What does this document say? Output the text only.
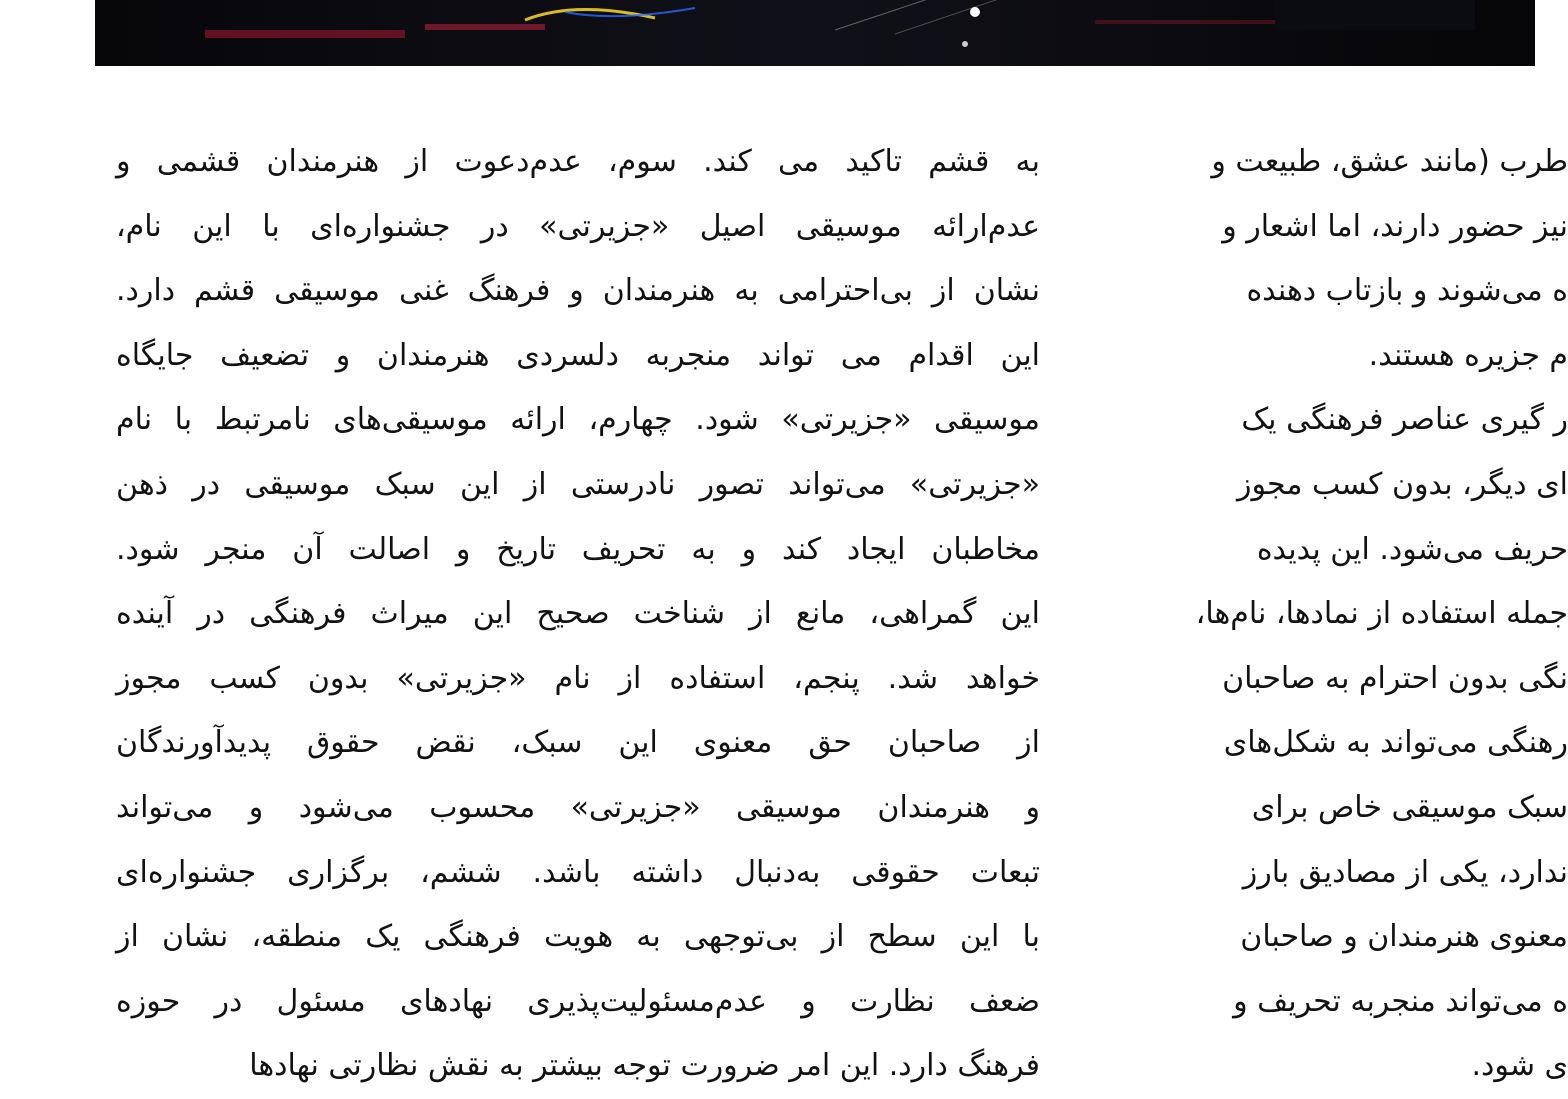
به قشم تاکید می کند. سوم، عدم‌دعوت از هنرمندان قشمی و
عدم‌ارائه موسیقی اصیل «جزیرتی» در جشنواره‌ای با این نام،
نشان از بی‌احترامی به هنرمندان و فرهنگ غنی موسیقی قشم دارد.
این اقدام می تواند منجربه دلسردی هنرمندان و تضعیف جایگاه
موسیقی «جزیرتی» شود. چهارم، ارائه موسیقی‌های نامرتبط با نام
«جزیرتی» می‌تواند تصور نادرستی از این سبک موسیقی در ذهن
مخاطبان ایجاد کند و به تحریف تاریخ و اصالت آن منجر شود.
این گمراهی، مانع از شناخت صحیح این میراث فرهنگی در آینده
خواهد شد. پنجم، استفاده از نام «جزیرتی» بدون کسب مجوز
از صاحبان حق معنوی این سبک، نقض حقوق پدیدآورندگان
و هنرمندان موسیقی «جزیرتی» محسوب می‌شود و می‌تواند
تبعات حقوقی به‌دنبال داشته باشد. ششم، برگزاری جشنواره‌ای
با این سطح از بی‌توجهی به هویت فرهنگی یک منطقه، نشان از
ضعف نظارت و عدم‌مسئولیت‌پذیری نهادهای مسئول در حوزه
فرهنگ دارد. این امر ضرورت توجه بیشتر به نقش نظارتی نهادها
طرب (مانند عشق، طبیعت و
نیز حضور دارند، اما اشعار و
ه می‌شوند و بازتاب دهنده
م جزیره هستند.
ر گیری عناصر فرهنگی یک
ای دیگر، بدون کسب مجوز
حریف می‌شود. این پدیده
جمله استفاده از نمادها، نام‌ها،
نگی بدون احترام به صاحبان
رهنگی می‌تواند به شکل‌های
سبک موسیقی خاص برای
ندارد، یکی از مصادیق بارز
معنوی هنرمندان و صاحبان
ه می‌تواند منجربه تحریف و
ی شود.
